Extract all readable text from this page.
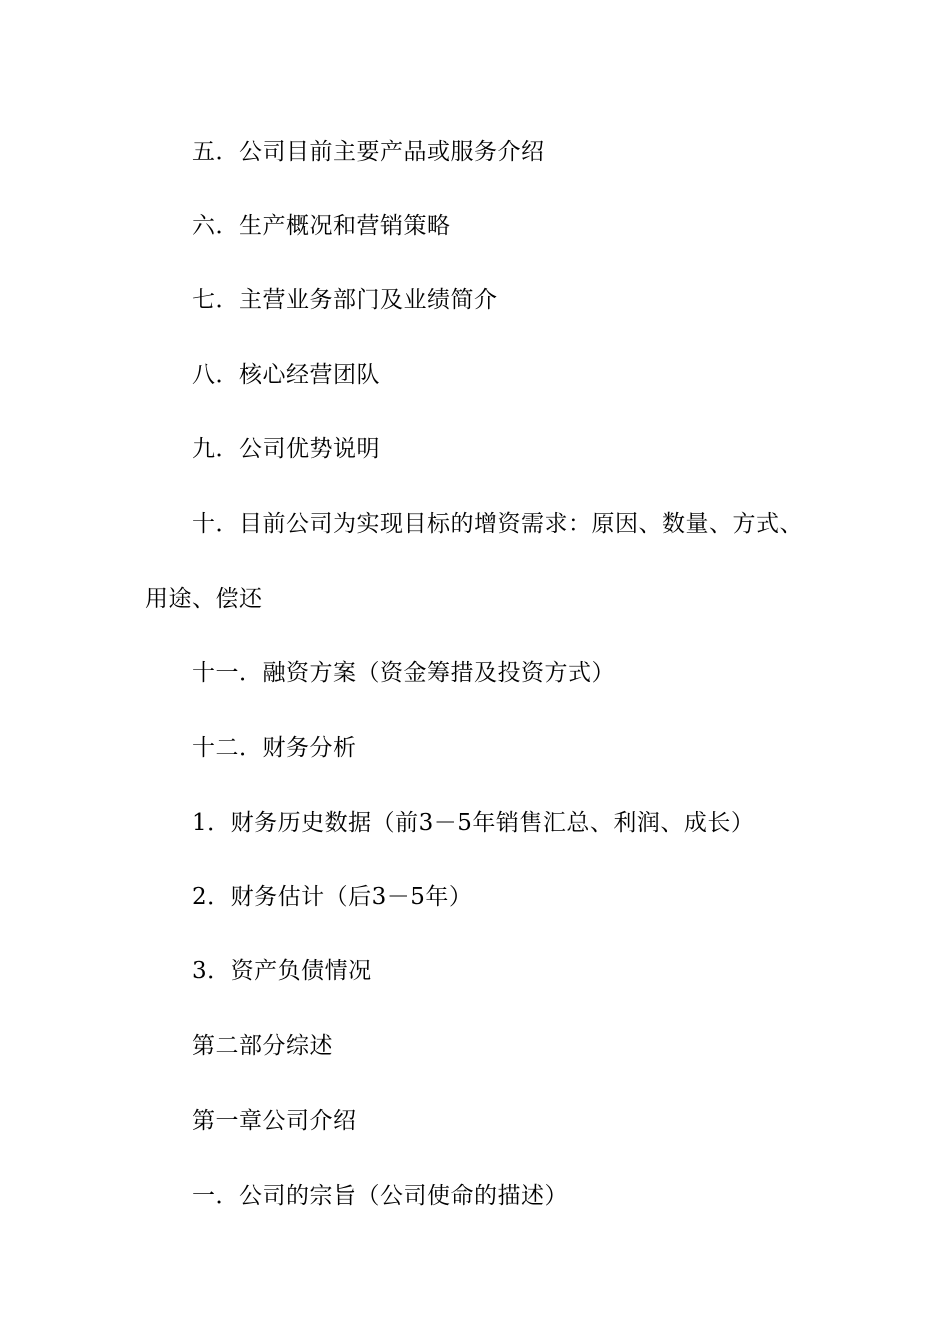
五．公司目前主要产品或服务介绍
六．生产概况和营销策略
七．主营业务部门及业绩简介
八．核心经营团队
九．公司优势说明
十．目前公司为实现目标的增资需求：原因、数量、方式、
用途、偿还
十一．融资方案（资金筹措及投资方式）
十二．财务分析
1．财务历史数据（前3－5年销售汇总、利润、成长）
2．财务估计（后3－5年）
3．资产负债情况
第二部分综述
第一章公司介绍
一．公司的宗旨（公司使命的描述）
